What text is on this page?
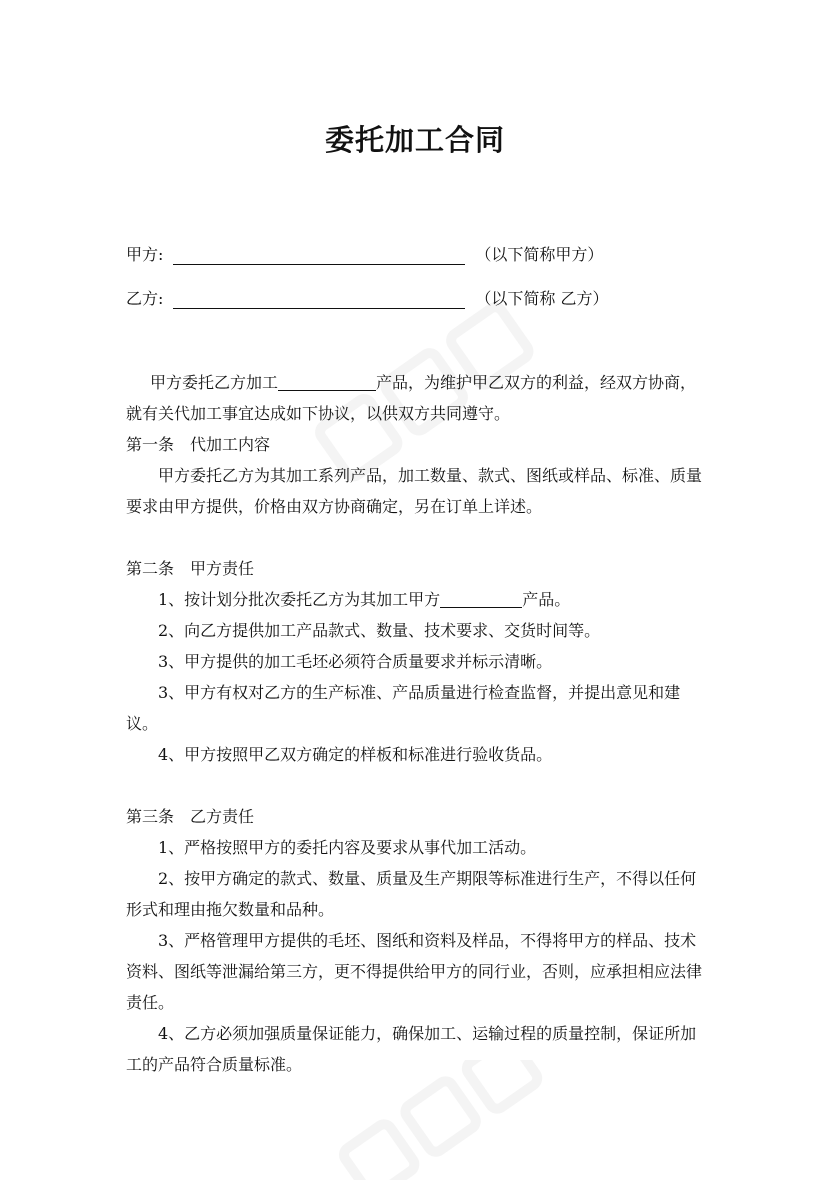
委托加工合同
甲方:	（以下简称甲方）
乙方:	（以下简称 乙方）

甲方委托乙方加工	产品，为维护甲乙双方的利益，经双方协商，就有关代加工事宜达成如下协议，以供双方共同遵守。

第一条　代加工内容

甲方委托乙方为其加工系列产品，加工数量、款式、图纸或样品、标准、质量要求由甲方提供，价格由双方协商确定，另在订单上详述。

第二条　甲方责任

1、按计划分批次委托乙方为其加工甲方	产品。

2、向乙方提供加工产品款式、数量、技术要求、交货时间等。

3、甲方提供的加工毛坯必须符合质量要求并标示清晰。

3、甲方有权对乙方的生产标准、产品质量进行检查监督，并提出意见和建议。

4、甲方按照甲乙双方确定的样板和标准进行验收货品。

第三条　乙方责任

1、严格按照甲方的委托内容及要求从事代加工活动。

2、按甲方确定的款式、数量、质量及生产期限等标准进行生产，不得以任何形式和理由拖欠数量和品种。

3、严格管理甲方提供的毛坯、图纸和资料及样品，不得将甲方的样品、技术资料、图纸等泄漏给第三方，更不得提供给甲方的同行业，否则，应承担相应法律责任。

4、乙方必须加强质量保证能力，确保加工、运输过程的质量控制，保证所加工的产品符合质量标准。
